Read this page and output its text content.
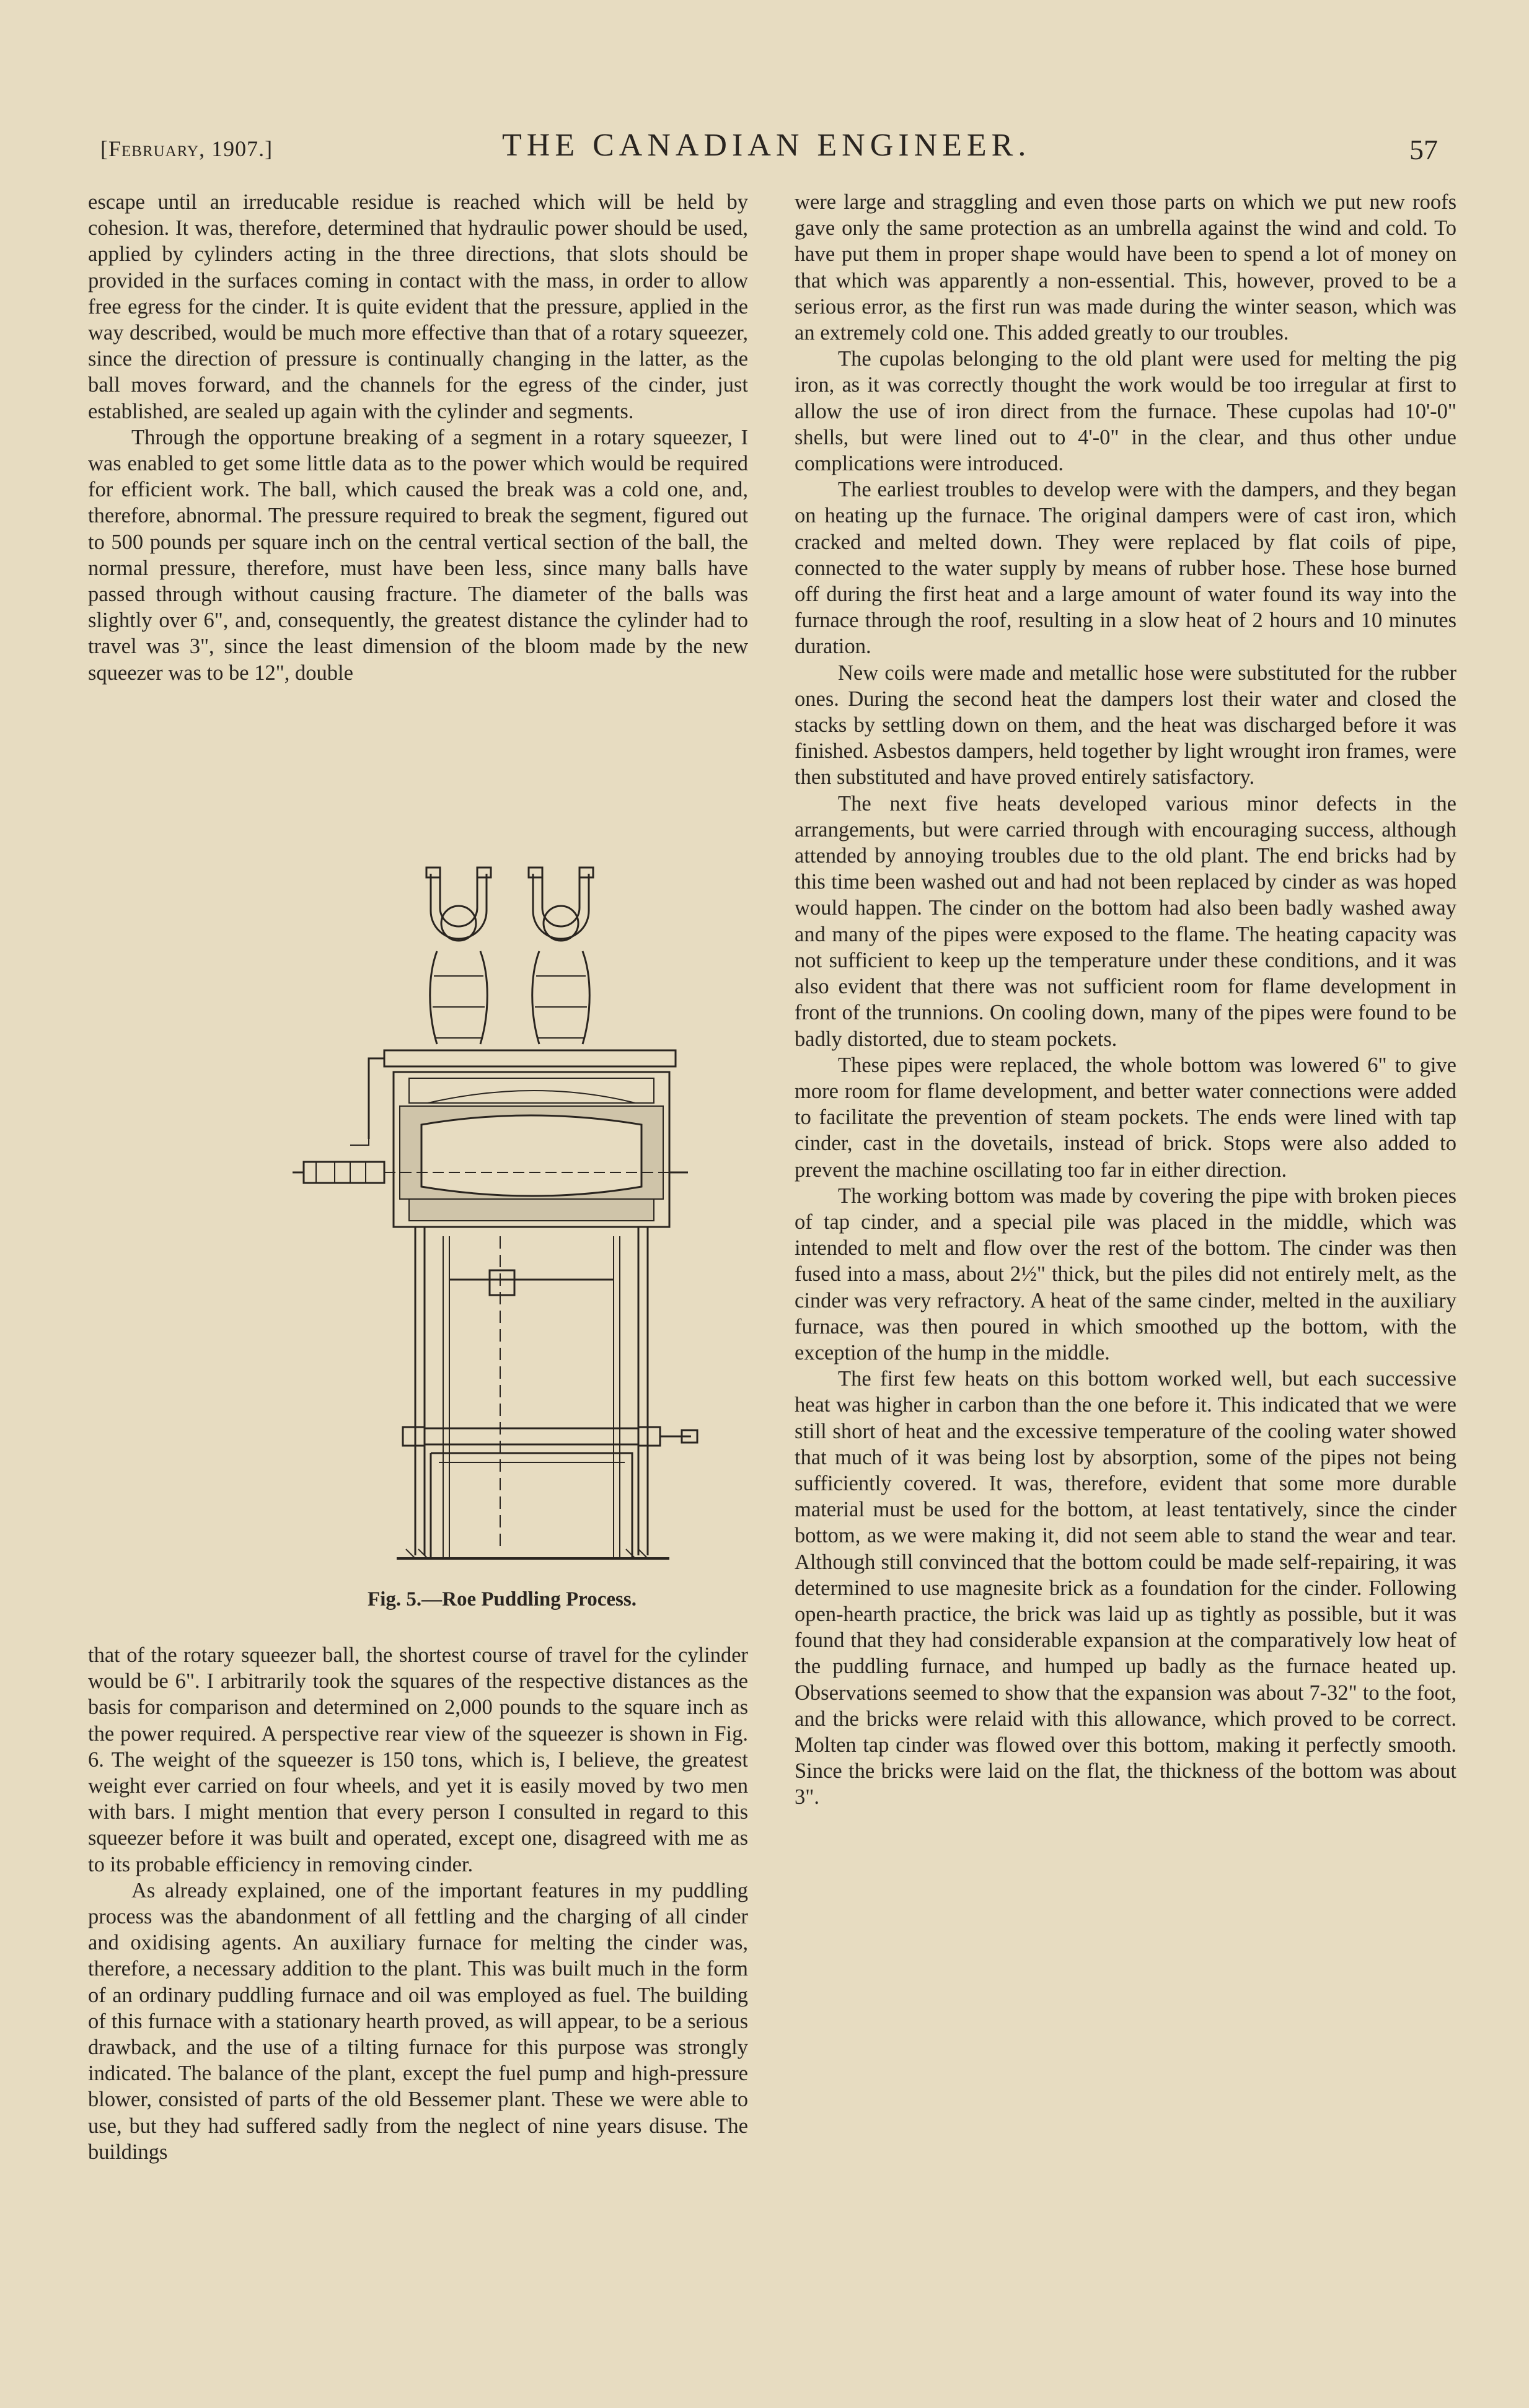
[February, 1907.]	THE CANADIAN ENGINEER.	57

escape until an irreducable residue is reached which will be held by cohesion. It was, therefore, determined that hydraulic power should be used, applied by cylinders acting in the three directions, that slots should be provided in the surfaces coming in contact with the mass, in order to allow free egress for the cinder. It is quite evident that the pressure, applied in the way described, would be much more effective than that of a rotary squeezer, since the direction of pressure is continually changing in the latter, as the ball moves forward, and the channels for the egress of the cinder, just established, are sealed up again with the cylinder and segments.

Through the opportune breaking of a segment in a rotary squeezer, I was enabled to get some little data as to the power which would be required for efficient work. The ball, which caused the break was a cold one, and, therefore, abnormal. The pressure required to break the segment, figured out to 500 pounds per square inch on the central vertical section of the ball, the normal pressure, therefore, must have been less, since many balls have passed through without causing fracture. The diameter of the balls was slightly over 6", and, consequently, the greatest distance the cylinder had to travel was 3", since the least dimension of the bloom made by the new squeezer was to be 12", double

Fig. 5.—Roe Puddling Process.

that of the rotary squeezer ball, the shortest course of travel for the cylinder would be 6". I arbitrarily took the squares of the respective distances as the basis for comparison and determined on 2,000 pounds to the square inch as the power required. A perspective rear view of the squeezer is shown in Fig. 6. The weight of the squeezer is 150 tons, which is, I believe, the greatest weight ever carried on four wheels, and yet it is easily moved by two men with bars. I might mention that every person I consulted in regard to this squeezer before it was built and operated, except one, disagreed with me as to its probable efficiency in removing cinder.

As already explained, one of the important features in my puddling process was the abandonment of all fettling and the charging of all cinder and oxidising agents. An auxiliary furnace for melting the cinder was, therefore, a necessary addition to the plant. This was built much in the form of an ordinary puddling furnace and oil was employed as fuel. The building of this furnace with a stationary hearth proved, as will appear, to be a serious drawback, and the use of a tilting furnace for this purpose was strongly indicated. The balance of the plant, except the fuel pump and high-pressure blower, consisted of parts of the old Bessemer plant. These we were able to use, but they had suffered sadly from the neglect of nine years disuse. The buildings

were large and straggling and even those parts on which we put new roofs gave only the same protection as an umbrella against the wind and cold. To have put them in proper shape would have been to spend a lot of money on that which was apparently a non-essential. This, however, proved to be a serious error, as the first run was made during the winter season, which was an extremely cold one. This added greatly to our troubles.

The cupolas belonging to the old plant were used for melting the pig iron, as it was correctly thought the work would be too irregular at first to allow the use of iron direct from the furnace. These cupolas had 10'-0" shells, but were lined out to 4'-0" in the clear, and thus other undue complications were introduced.

The earliest troubles to develop were with the dampers, and they began on heating up the furnace. The original dampers were of cast iron, which cracked and melted down. They were replaced by flat coils of pipe, connected to the water supply by means of rubber hose. These hose burned off during the first heat and a large amount of water found its way into the furnace through the roof, resulting in a slow heat of 2 hours and 10 minutes duration.

New coils were made and metallic hose were substituted for the rubber ones. During the second heat the dampers lost their water and closed the stacks by settling down on them, and the heat was discharged before it was finished. Asbestos dampers, held together by light wrought iron frames, were then substituted and have proved entirely satisfactory.

The next five heats developed various minor defects in the arrangements, but were carried through with encouraging success, although attended by annoying troubles due to the old plant. The end bricks had by this time been washed out and had not been replaced by cinder as was hoped would happen. The cinder on the bottom had also been badly washed away and many of the pipes were exposed to the flame. The heating capacity was not sufficient to keep up the temperature under these conditions, and it was also evident that there was not sufficient room for flame development in front of the trunnions. On cooling down, many of the pipes were found to be badly distorted, due to steam pockets.

These pipes were replaced, the whole bottom was lowered 6" to give more room for flame development, and better water connections were added to facilitate the prevention of steam pockets. The ends were lined with tap cinder, cast in the dovetails, instead of brick. Stops were also added to prevent the machine oscillating too far in either direction.

The working bottom was made by covering the pipe with broken pieces of tap cinder, and a special pile was placed in the middle, which was intended to melt and flow over the rest of the bottom. The cinder was then fused into a mass, about 2½" thick, but the piles did not entirely melt, as the cinder was very refractory. A heat of the same cinder, melted in the auxiliary furnace, was then poured in which smoothed up the bottom, with the exception of the hump in the middle.

The first few heats on this bottom worked well, but each successive heat was higher in carbon than the one before it. This indicated that we were still short of heat and the excessive temperature of the cooling water showed that much of it was being lost by absorption, some of the pipes not being sufficiently covered. It was, therefore, evident that some more durable material must be used for the bottom, at least tentatively, since the cinder bottom, as we were making it, did not seem able to stand the wear and tear. Although still convinced that the bottom could be made self-repairing, it was determined to use magnesite brick as a foundation for the cinder. Following open-hearth practice, the brick was laid up as tightly as possible, but it was found that they had considerable expansion at the comparatively low heat of the puddling furnace, and humped up badly as the furnace heated up. Observations seemed to show that the expansion was about 7-32" to the foot, and the bricks were relaid with this allowance, which proved to be correct. Molten tap cinder was flowed over this bottom, making it perfectly smooth. Since the bricks were laid on the flat, the thickness of the bottom was about 3".
